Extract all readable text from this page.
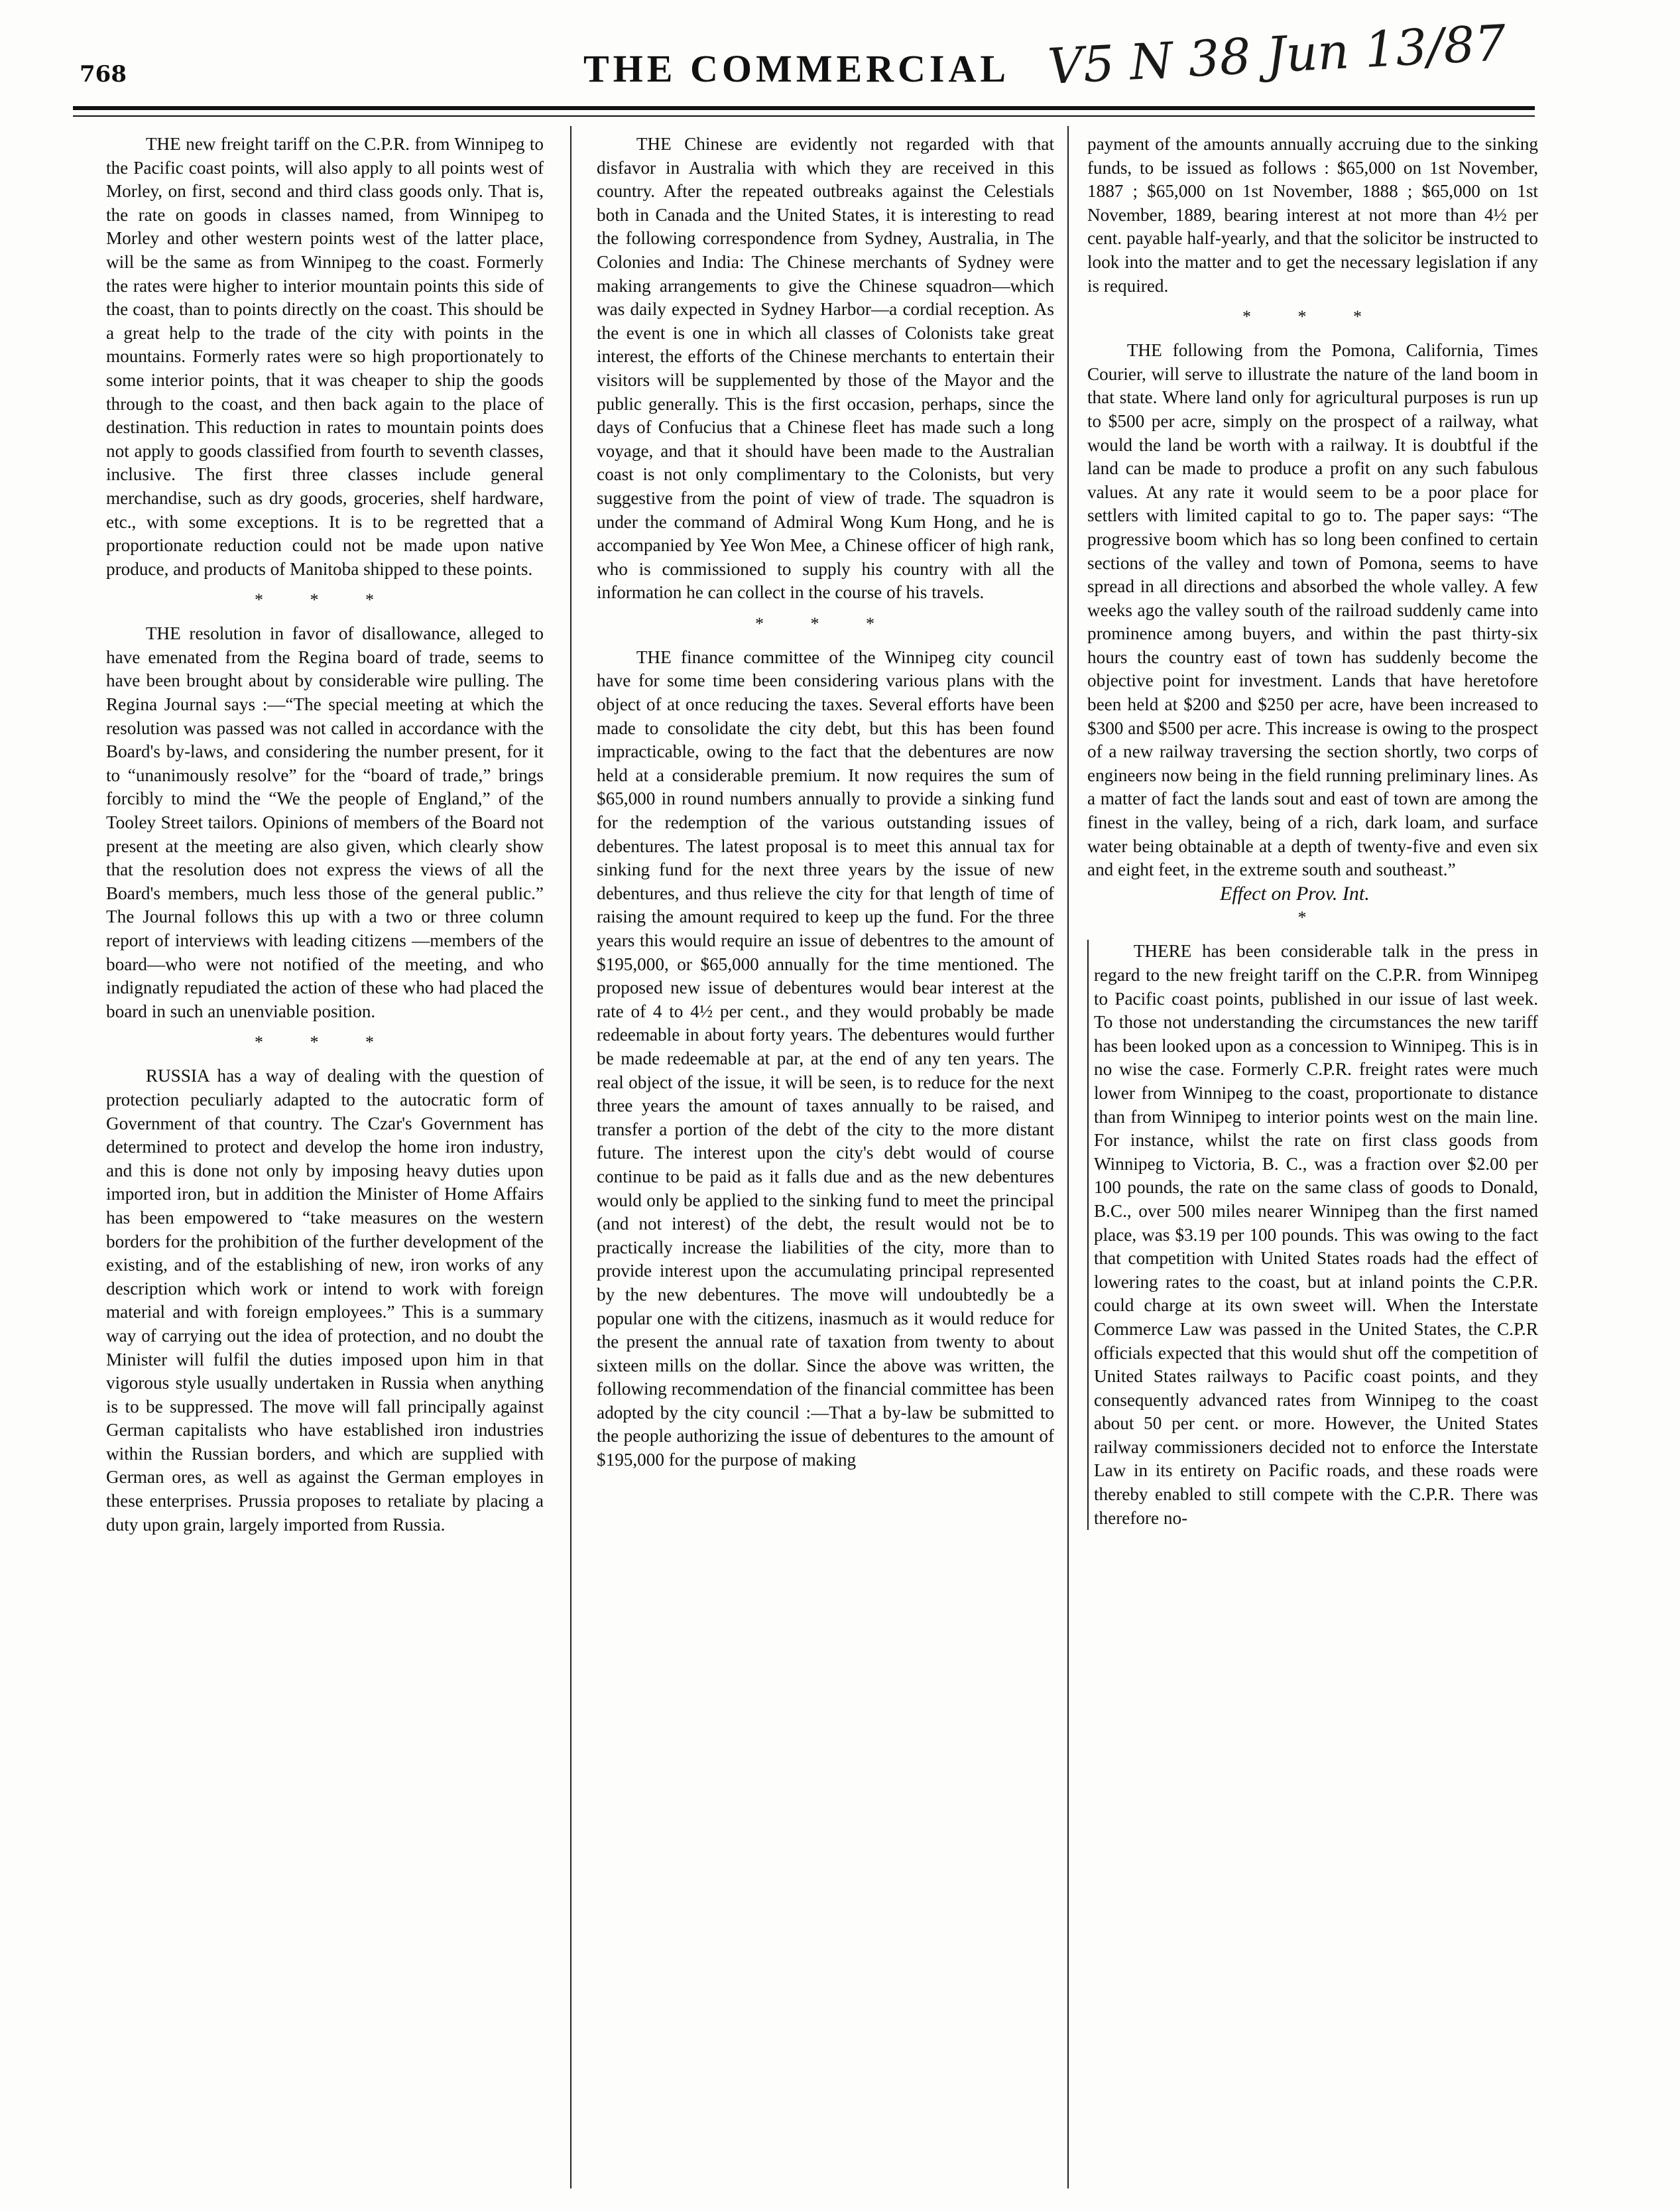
768	THE COMMERCIAL V5 N 38 Jun 13/87

THE new freight tariff on the C.P.R. from Winnipeg to the Pacific coast points, will also apply to all points west of Morley, on first, second and third class goods only. That is, the rate on goods in classes named, from Winnipeg to Morley and other western points west of the latter place, will be the same as from Winnipeg to the coast. Formerly the rates were higher to interior mountain points this side of the coast, than to points directly on the coast. This should be a great help to the trade of the city with points in the mountains. Formerly rates were so high proportionately to some interior points, that it was cheaper to ship the goods through to the coast, and then back again to the place of destination. This reduction in rates to mountain points does not apply to goods classified from fourth to seventh classes, inclusive. The first three classes include general merchandise, such as dry goods, groceries, shelf hardware, etc., with some exceptions. It is to be regretted that a proportionate reduction could not be made upon native produce, and products of Manitoba shipped to these points.

* * *

THE resolution in favor of disallowance, alleged to have emenated from the Regina board of trade, seems to have been brought about by considerable wire pulling. The Regina Journal says :—“The special meeting at which the resolution was passed was not called in accordance with the Board's by-laws, and considering the number present, for it to “unanimously resolve” for the “board of trade,” brings forcibly to mind the “We the people of England,” of the Tooley Street tailors. Opinions of members of the Board not present at the meeting are also given, which clearly show that the resolution does not express the views of all the Board's members, much less those of the general public.” The Journal follows this up with a two or three column report of interviews with leading citizens —members of the board—who were not notified of the meeting, and who indignatly repudiated the action of these who had placed the board in such an unenviable position.

* * *

RUSSIA has a way of dealing with the question of protection peculiarly adapted to the autocratic form of Government of that country. The Czar's Government has determined to protect and develop the home iron industry, and this is done not only by imposing heavy duties upon imported iron, but in addition the Minister of Home Affairs has been empowered to “take measures on the western borders for the prohibition of the further development of the existing, and of the establishing of new, iron works of any description which work or intend to work with foreign material and with foreign employees.” This is a summary way of carrying out the idea of protection, and no doubt the Minister will fulfil the duties imposed upon him in that vigorous style usually undertaken in Russia when anything is to be suppressed. The move will fall principally against German capitalists who have established iron industries within the Russian borders, and which are supplied with German ores, as well as against the German employes in these enterprises. Prussia proposes to retaliate by placing a duty upon grain, largely imported from Russia.

THE Chinese are evidently not regarded with that disfavor in Australia with which they are received in this country. After the repeated outbreaks against the Celestials both in Canada and the United States, it is interesting to read the following correspondence from Sydney, Australia, in The Colonies and India: The Chinese merchants of Sydney were making arrangements to give the Chinese squadron—which was daily expected in Sydney Harbor—a cordial reception. As the event is one in which all classes of Colonists take great interest, the efforts of the Chinese merchants to entertain their visitors will be supplemented by those of the Mayor and the public generally. This is the first occasion, perhaps, since the days of Confucius that a Chinese fleet has made such a long voyage, and that it should have been made to the Australian coast is not only complimentary to the Colonists, but very suggestive from the point of view of trade. The squadron is under the command of Admiral Wong Kum Hong, and he is accompanied by Yee Won Mee, a Chinese officer of high rank, who is commissioned to supply his country with all the information he can collect in the course of his travels.

* * *

THE finance committee of the Winnipeg city council have for some time been considering various plans with the object of at once reducing the taxes. Several efforts have been made to consolidate the city debt, but this has been found impracticable, owing to the fact that the debentures are now held at a considerable premium. It now requires the sum of $65,000 in round numbers annually to provide a sinking fund for the redemption of the various outstanding issues of debentures. The latest proposal is to meet this annual tax for sinking fund for the next three years by the issue of new debentures, and thus relieve the city for that length of time of raising the amount required to keep up the fund. For the three years this would require an issue of debentres to the amount of $195,000, or $65,000 annually for the time mentioned. The proposed new issue of debentures would bear interest at the rate of 4 to 4½ per cent., and they would probably be made redeemable in about forty years. The debentures would further be made redeemable at par, at the end of any ten years. The real object of the issue, it will be seen, is to reduce for the next three years the amount of taxes annually to be raised, and transfer a portion of the debt of the city to the more distant future. The interest upon the city's debt would of course continue to be paid as it falls due and as the new debentures would only be applied to the sinking fund to meet the principal (and not interest) of the debt, the result would not be to practically increase the liabilities of the city, more than to provide interest upon the accumulating principal represented by the new debentures. The move will undoubtedly be a popular one with the citizens, inasmuch as it would reduce for the present the annual rate of taxation from twenty to about sixteen mills on the dollar. Since the above was written, the following recommendation of the financial committee has been adopted by the city council :—That a by-law be submitted to the people authorizing the issue of debentures to the amount of $195,000 for the purpose of making

payment of the amounts annually accruing due to the sinking funds, to be issued as follows : $65,000 on 1st November, 1887 ; $65,000 on 1st November, 1888 ; $65,000 on 1st November, 1889, bearing interest at not more than 4½ per cent. payable half-yearly, and that the solicitor be instructed to look into the matter and to get the necessary legislation if any is required.

* * *

THE following from the Pomona, California, Times Courier, will serve to illustrate the nature of the land boom in that state. Where land only for agricultural purposes is run up to $500 per acre, simply on the prospect of a railway, what would the land be worth with a railway. It is doubtful if the land can be made to produce a profit on any such fabulous values. At any rate it would seem to be a poor place for settlers with limited capital to go to. The paper says: “The progressive boom which has so long been confined to certain sections of the valley and town of Pomona, seems to have spread in all directions and absorbed the whole valley. A few weeks ago the valley south of the railroad suddenly came into prominence among buyers, and within the past thirty-six hours the country east of town has suddenly become the objective point for investment. Lands that have heretofore been held at $200 and $250 per acre, have been increased to $300 and $500 per acre. This increase is owing to the prospect of a new railway traversing the section shortly, two corps of engineers now being in the field running preliminary lines. As a matter of fact the lands sout and east of town are among the finest in the valley, being of a rich, dark loam, and surface water being obtainable at a depth of twenty-five and even six and eight feet, in the extreme south and southeast.”

Effect on Prov. Int.
*

THERE has been considerable talk in the press in regard to the new freight tariff on the C.P.R. from Winnipeg to Pacific coast points, published in our issue of last week. To those not understanding the circumstances the new tariff has been looked upon as a concession to Winnipeg. This is in no wise the case. Formerly C.P.R. freight rates were much lower from Winnipeg to the coast, proportionate to distance than from Winnipeg to interior points west on the main line. For instance, whilst the rate on first class goods from Winnipeg to Victoria, B. C., was a fraction over $2.00 per 100 pounds, the rate on the same class of goods to Donald, B.C., over 500 miles nearer Winnipeg than the first named place, was $3.19 per 100 pounds. This was owing to the fact that competition with United States roads had the effect of lowering rates to the coast, but at inland points the C.P.R. could charge at its own sweet will. When the Interstate Commerce Law was passed in the United States, the C.P.R officials expected that this would shut off the competition of United States railways to Pacific coast points, and they consequently advanced rates from Winnipeg to the coast about 50 per cent. or more. However, the United States railway commissioners decided not to enforce the Interstate Law in its entirety on Pacific roads, and these roads were thereby enabled to still compete with the C.P.R. There was therefore no-
